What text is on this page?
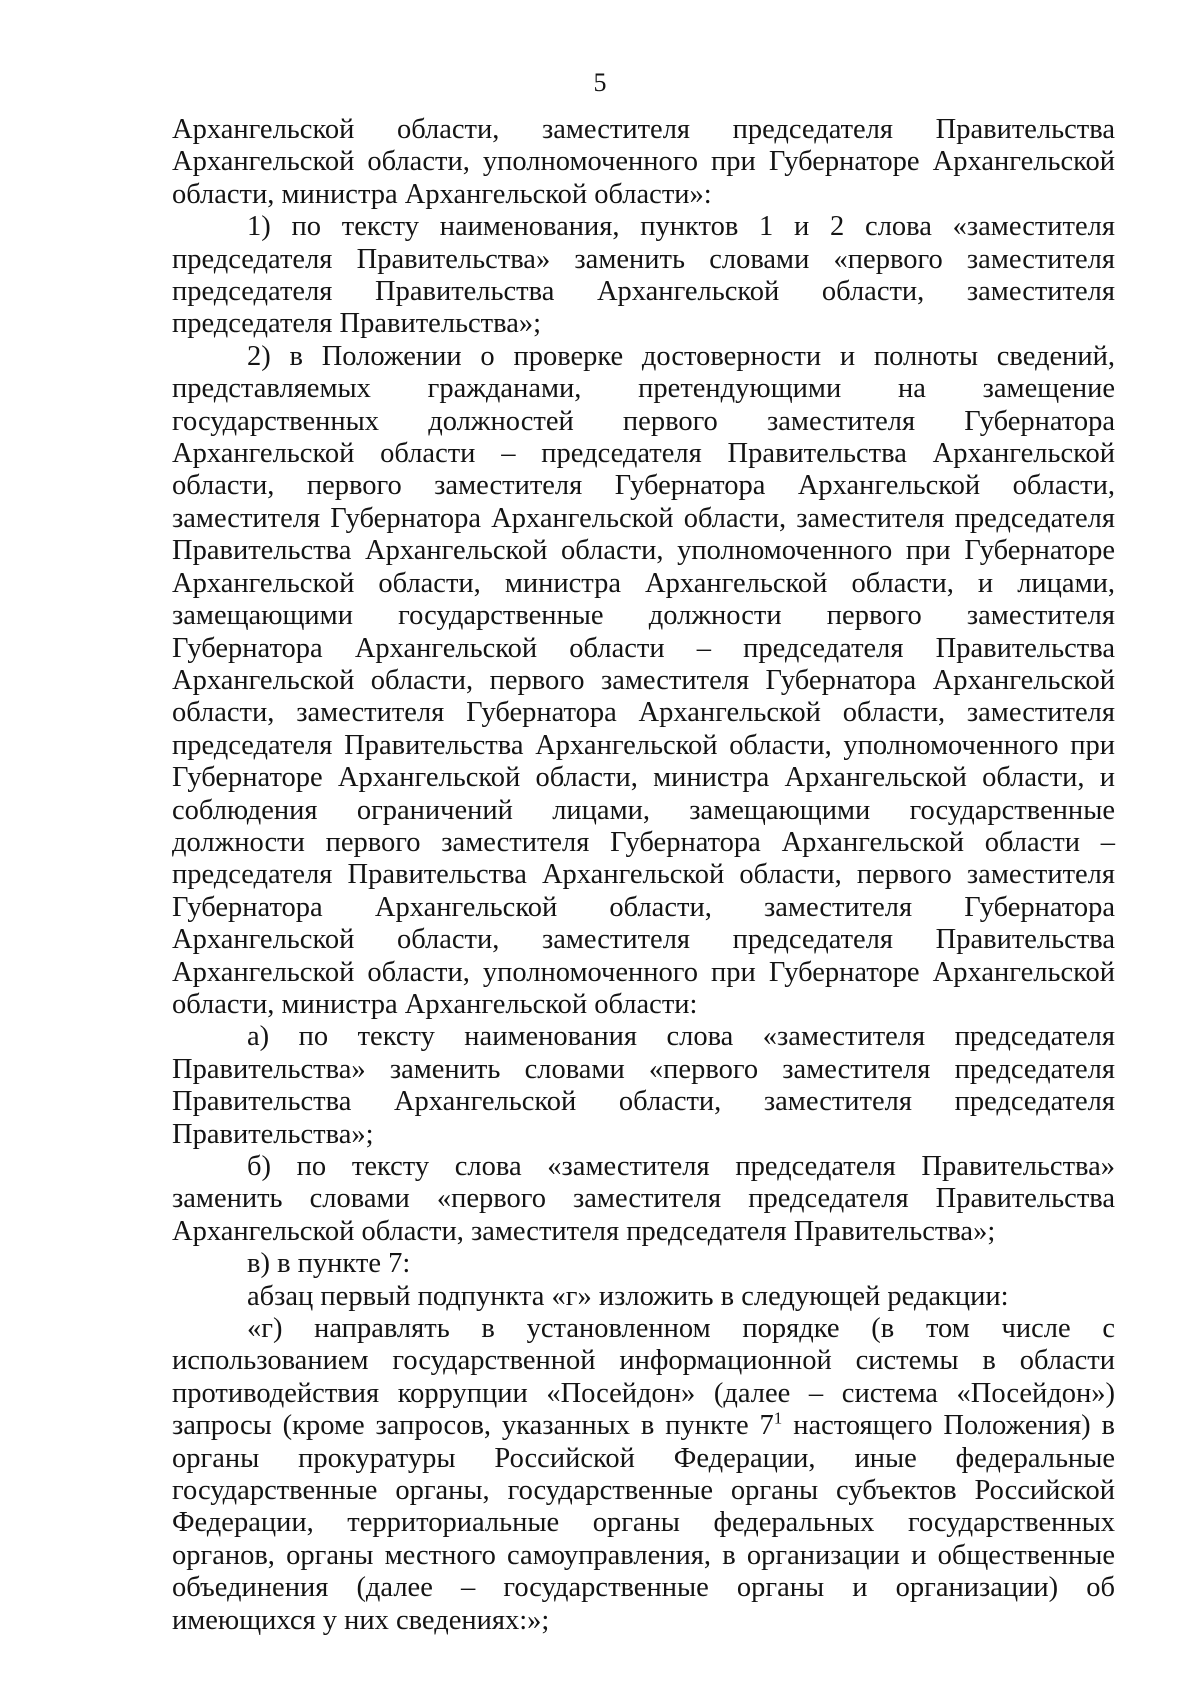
5

Архангельской области, заместителя председателя Правительства Архангельской области, уполномоченного при Губернаторе Архангельской области, министра Архангельской области»:

1) по тексту наименования, пунктов 1 и 2 слова «заместителя председателя Правительства» заменить словами «первого заместителя председателя Правительства Архангельской области, заместителя председателя Правительства»;

2) в Положении о проверке достоверности и полноты сведений, представляемых гражданами, претендующими на замещение государственных должностей первого заместителя Губернатора Архангельской области – председателя Правительства Архангельской области, первого заместителя Губернатора Архангельской области, заместителя Губернатора Архангельской области, заместителя председателя Правительства Архангельской области, уполномоченного при Губернаторе Архангельской области, министра Архангельской области, и лицами, замещающими государственные должности первого заместителя Губернатора Архангельской области – председателя Правительства Архангельской области, первого заместителя Губернатора Архангельской области, заместителя Губернатора Архангельской области, заместителя председателя Правительства Архангельской области, уполномоченного при Губернаторе Архангельской области, министра Архангельской области, и соблюдения ограничений лицами, замещающими государственные должности первого заместителя Губернатора Архангельской области –председателя Правительства Архангельской области, первого заместителя Губернатора Архангельской области, заместителя Губернатора Архангельской области, заместителя председателя Правительства Архангельской области, уполномоченного при Губернаторе Архангельской области, министра Архангельской области:

а) по тексту наименования слова «заместителя председателя Правительства» заменить словами «первого заместителя председателя Правительства Архангельской области, заместителя председателя Правительства»;

б) по тексту слова «заместителя председателя Правительства» заменить словами «первого заместителя председателя Правительства Архангельской области, заместителя председателя Правительства»;

в) в пункте 7:

абзац первый подпункта «г» изложить в следующей редакции:

«г) направлять в установленном порядке (в том числе с использованием государственной информационной системы в области противодействия коррупции «Посейдон» (далее – система «Посейдон») запросы (кроме запросов, указанных в пункте $7^1$ настоящего Положения) в органы прокуратуры Российской Федерации, иные федеральные государственные органы, государственные органы субъектов Российской Федерации, территориальные органы федеральных государственных органов, органы местного самоуправления, в организации и общественные объединения (далее – государственные органы и организации) об имеющихся у них сведениях:»;
